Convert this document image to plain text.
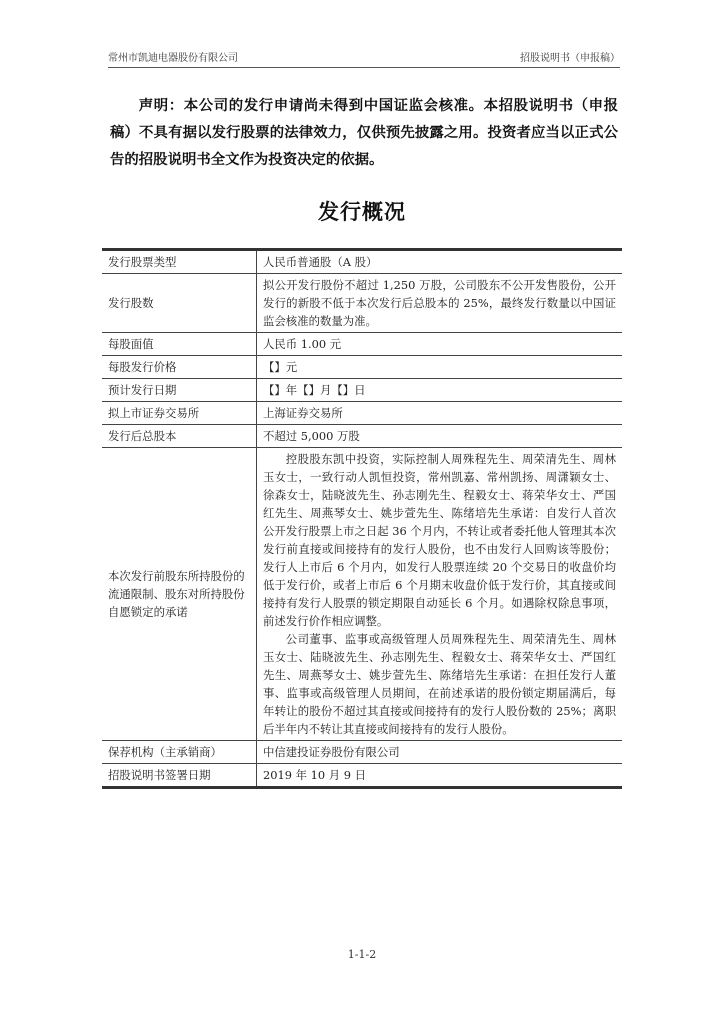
常州市凯迪电器股份有限公司	招股说明书（申报稿）
声明：本公司的发行申请尚未得到中国证监会核准。本招股说明书（申报稿）不具有据以发行股票的法律效力，仅供预先披露之用。投资者应当以正式公告的招股说明书全文作为投资决定的依据。
发行概况
发行股票类型	人民币普通股（A 股）
发行股数	拟公开发行股份不超过 1,250 万股，公司股东不公开发售股份，公开发行的新股不低于本次发行后总股本的 25%，最终发行数量以中国证监会核准的数量为准。
每股面值	人民币 1.00 元
每股发行价格	【】元
预计发行日期	【】年【】月【】日
拟上市证券交易所	上海证券交易所
发行后总股本	不超过 5,000 万股
本次发行前股东所持股份的流通限制、股东对所持股份自愿锁定的承诺	控股股东凯中投资，实际控制人周殊程先生、周荣清先生、周林玉女士，一致行动人凯恒投资，常州凯嘉、常州凯扬、周潇颖女士、徐森女士，陆晓波先生、孙志刚先生、程毅女士、蒋荣华女士、严国红先生、周燕琴女士、姚步萱先生、陈绪培先生承诺：自发行人首次公开发行股票上市之日起 36 个月内，不转让或者委托他人管理其本次发行前直接或间接持有的发行人股份，也不由发行人回购该等股份；发行人上市后 6 个月内，如发行人股票连续 20 个交易日的收盘价均低于发行价，或者上市后 6 个月期末收盘价低于发行价，其直接或间接持有发行人股票的锁定期限自动延长 6 个月。如遇除权除息事项，前述发行价作相应调整。

公司董事、监事或高级管理人员周殊程先生、周荣清先生、周林玉女士、陆晓波先生、孙志刚先生、程毅女士、蒋荣华女士、严国红先生、周燕琴女士、姚步萱先生、陈绪培先生承诺：在担任发行人董事、监事或高级管理人员期间，在前述承诺的股份锁定期届满后，每年转让的股份不超过其直接或间接持有的发行人股份数的 25%；离职后半年内不转让其直接或间接持有的发行人股份。

保荐机构（主承销商）	中信建投证券股份有限公司
招股说明书签署日期	2019 年 10 月 9 日
1-1-2
